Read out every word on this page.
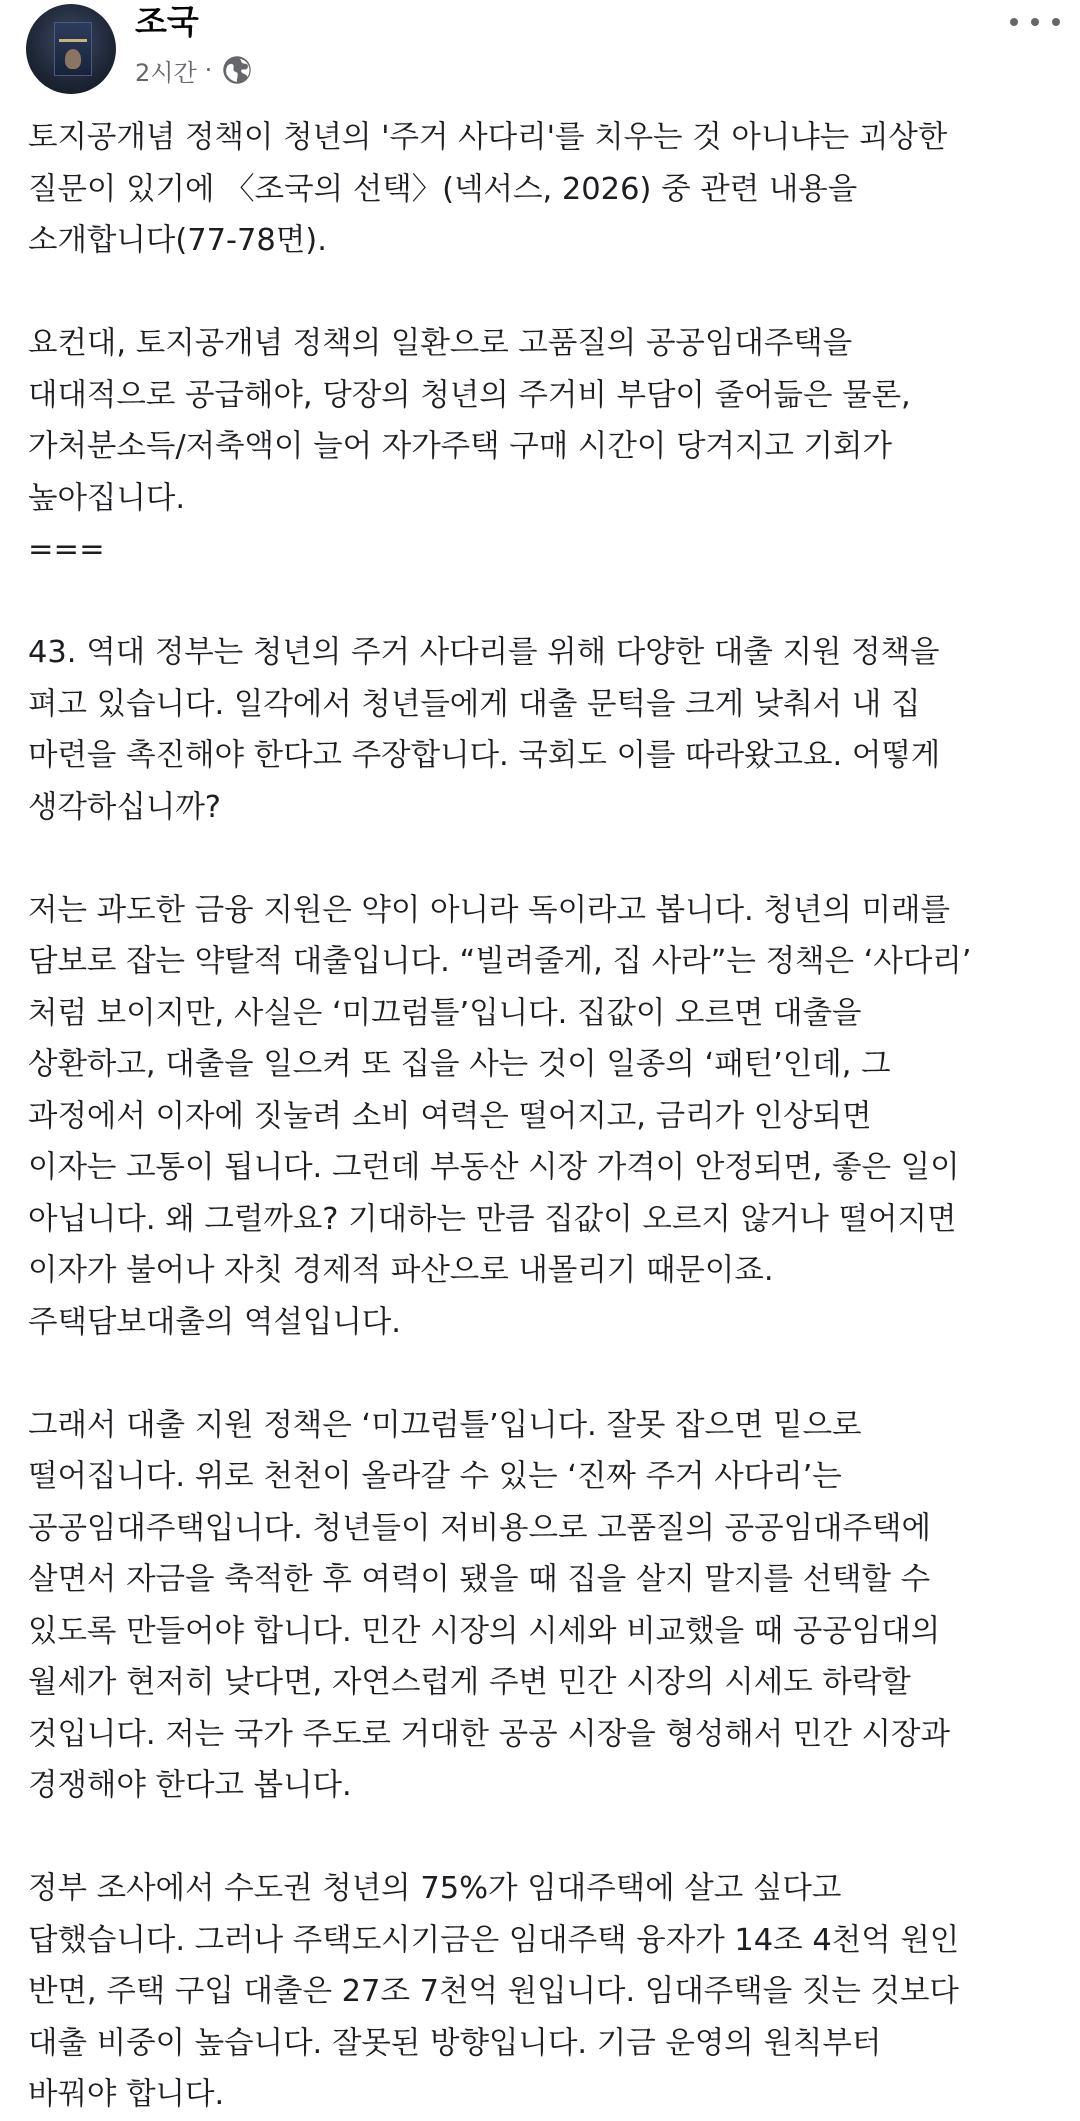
조국
2시간 ·

토지공개념 정책이 청년의 '주거 사다리'를 치우는 것 아니냐는 괴상한
질문이 있기에 〈조국의 선택〉(넥서스, 2026) 중 관련 내용을
소개합니다(77-78면).

요컨대, 토지공개념 정책의 일환으로 고품질의 공공임대주택을
대대적으로 공급해야, 당장의 청년의 주거비 부담이 줄어듦은 물론,
가처분소득/저축액이 늘어 자가주택 구매 시간이 당겨지고 기회가
높아집니다.
===

43. 역대 정부는 청년의 주거 사다리를 위해 다양한 대출 지원 정책을
펴고 있습니다. 일각에서 청년들에게 대출 문턱을 크게 낮춰서 내 집
마련을 촉진해야 한다고 주장합니다. 국회도 이를 따라왔고요. 어떻게
생각하십니까?

저는 과도한 금융 지원은 약이 아니라 독이라고 봅니다. 청년의 미래를
담보로 잡는 약탈적 대출입니다. “빌려줄게, 집 사라”는 정책은 ‘사다리’
처럼 보이지만, 사실은 ‘미끄럼틀’입니다. 집값이 오르면 대출을
상환하고, 대출을 일으켜 또 집을 사는 것이 일종의 ‘패턴’인데, 그
과정에서 이자에 짓눌려 소비 여력은 떨어지고, 금리가 인상되면
이자는 고통이 됩니다. 그런데 부동산 시장 가격이 안정되면, 좋은 일이
아닙니다. 왜 그럴까요? 기대하는 만큼 집값이 오르지 않거나 떨어지면
이자가 불어나 자칫 경제적 파산으로 내몰리기 때문이죠.
주택담보대출의 역설입니다.

그래서 대출 지원 정책은 ‘미끄럼틀’입니다. 잘못 잡으면 밑으로
떨어집니다. 위로 천천이 올라갈 수 있는 ‘진짜 주거 사다리’는
공공임대주택입니다. 청년들이 저비용으로 고품질의 공공임대주택에
살면서 자금을 축적한 후 여력이 됐을 때 집을 살지 말지를 선택할 수
있도록 만들어야 합니다. 민간 시장의 시세와 비교했을 때 공공임대의
월세가 현저히 낮다면, 자연스럽게 주변 민간 시장의 시세도 하락할
것입니다. 저는 국가 주도로 거대한 공공 시장을 형성해서 민간 시장과
경쟁해야 한다고 봅니다.

정부 조사에서 수도권 청년의 75%가 임대주택에 살고 싶다고
답했습니다. 그러나 주택도시기금은 임대주택 융자가 14조 4천억 원인
반면, 주택 구입 대출은 27조 7천억 원입니다. 임대주택을 짓는 것보다
대출 비중이 높습니다. 잘못된 방향입니다. 기금 운영의 원칙부터
바꿔야 합니다.
